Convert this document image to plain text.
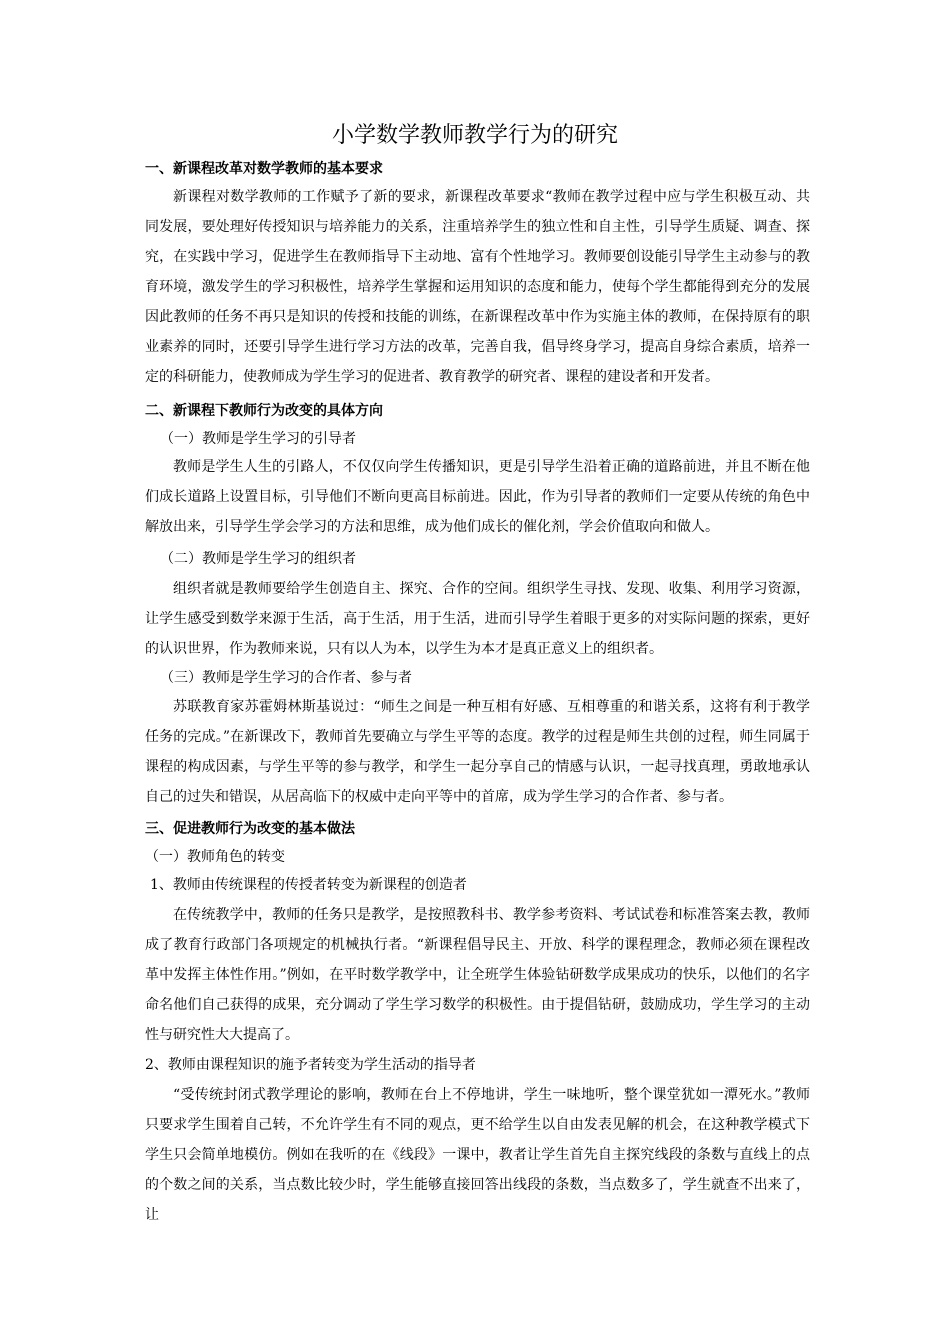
小学数学教师教学行为的研究
一、新课程改革对数学教师的基本要求

新课程对数学教师的工作赋予了新的要求，新课程改革要求“教师在教学过程中应与学生积极互动、共同发展，要处理好传授知识与培养能力的关系，注重培养学生的独立性和自主性，引导学生质疑、调查、探究，在实践中学习，促进学生在教师指导下主动地、富有个性地学习。教师要创设能引导学生主动参与的教育环境，激发学生的学习积极性，培养学生掌握和运用知识的态度和能力，使每个学生都能得到充分的发展因此教师的任务不再只是知识的传授和技能的训练，在新课程改革中作为实施主体的教师，在保持原有的职业素养的同时，还要引导学生进行学习方法的改革，完善自我，倡导终身学习，提高自身综合素质，培养一定的科研能力，使教师成为学生学习的促进者、教育教学的研究者、课程的建设者和开发者。

二、新课程下教师行为改变的具体方向
（一）教师是学生学习的引导者

教师是学生人生的引路人，不仅仅向学生传播知识，更是引导学生沿着正确的道路前进，并且不断在他们成长道路上设置目标，引导他们不断向更高目标前进。因此，作为引导者的教师们一定要从传统的角色中解放出来，引导学生学会学习的方法和思维，成为他们成长的催化剂，学会价值取向和做人。

（二）教师是学生学习的组织者

组织者就是教师要给学生创造自主、探究、合作的空间。组织学生寻找、发现、收集、利用学习资源，让学生感受到数学来源于生活，高于生活，用于生活，进而引导学生着眼于更多的对实际问题的探索，更好的认识世界，作为教师来说，只有以人为本，以学生为本才是真正意义上的组织者。

（三）教师是学生学习的合作者、参与者

苏联教育家苏霍姆林斯基说过：“师生之间是一种互相有好感、互相尊重的和谐关系，这将有利于教学任务的完成。”在新课改下，教师首先要确立与学生平等的态度。教学的过程是师生共创的过程，师生同属于课程的构成因素，与学生平等的参与教学，和学生一起分享自己的情感与认识，一起寻找真理，勇敢地承认自己的过失和错误，从居高临下的权威中走向平等中的首席，成为学生学习的合作者、参与者。

三、促进教师行为改变的基本做法
（一）教师角色的转变
1、教师由传统课程的传授者转变为新课程的创造者

在传统教学中，教师的任务只是教学，是按照教科书、教学参考资料、考试试卷和标准答案去教，教师成了教育行政部门各项规定的机械执行者。“新课程倡导民主、开放、科学的课程理念，教师必须在课程改革中发挥主体性作用。”例如，在平时数学教学中，让全班学生体验钻研数学成果成功的快乐，以他们的名字命名他们自己获得的成果，充分调动了学生学习数学的积极性。由于提倡钻研，鼓励成功，学生学习的主动性与研究性大大提高了。

2、教师由课程知识的施予者转变为学生活动的指导者

“受传统封闭式教学理论的影响，教师在台上不停地讲，学生一味地听，整个课堂犹如一潭死水。”教师只要求学生围着自己转，不允许学生有不同的观点，更不给学生以自由发表见解的机会，在这种教学模式下学生只会简单地模仿。例如在我听的在《线段》一课中，教者让学生首先自主探究线段的条数与直线上的点的个数之间的关系，当点数比较少时，学生能够直接回答出线段的条数，当点数多了，学生就查不出来了，让
